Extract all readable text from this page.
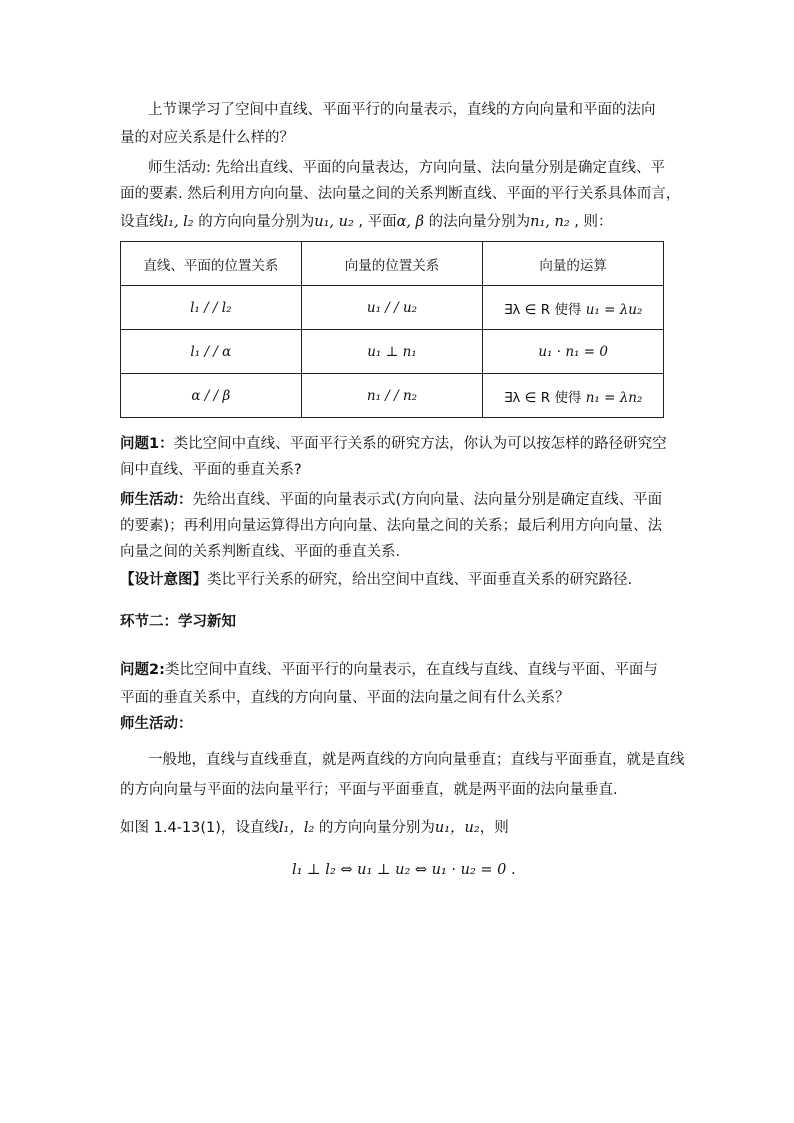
上节课学习了空间中直线、平面平行的向量表示，直线的方向向量和平面的法向
量的对应关系是什么样的？
师生活动: 先给出直线、平面的向量表达，方向向量、法向量分别是确定直线、平
面的要素. 然后利用方向向量、法向量之间的关系判断直线、平面的平行关系具体而言，
设直线l₁, l₂ 的方向向量分别为u₁, u₂ , 平面α, β 的法向量分别为n₁, n₂ , 则：
直线、平面的位置关系	向量的位置关系	向量的运算
l₁ / / l₂	u₁ / / u₂	∃λ ∈ R 使得 u₁ = λu₂
l₁ / / α	u₁ ⊥ n₁	u₁ · n₁ = 0
α / / β	n₁ / / n₂	∃λ ∈ R 使得 n₁ = λn₂
问题1：类比空间中直线、平面平行关系的研究方法，你认为可以按怎样的路径研究空
间中直线、平面的垂直关系?
师生活动：先给出直线、平面的向量表示式(方向向量、法向量分别是确定直线、平面
的要素)；再利用向量运算得出方向向量、法向量之间的关系；最后利用方向向量、法
向量之间的关系判断直线、平面的垂直关系.
【设计意图】类比平行关系的研究，给出空间中直线、平面垂直关系的研究路径.
环节二：学习新知
问题2:类比空间中直线、平面平行的向量表示，在直线与直线、直线与平面、平面与
平面的垂直关系中，直线的方向向量、平面的法向量之间有什么关系？
师生活动：
一般地，直线与直线垂直，就是两直线的方向向量垂直；直线与平面垂直，就是直线
的方向向量与平面的法向量平行；平面与平面垂直，就是两平面的法向量垂直.
如图 1.4-13(1)，设直线l₁，l₂ 的方向向量分别为u₁，u₂，则
l₁ ⊥ l₂ ⇔ u₁ ⊥ u₂ ⇔ u₁ · u₂ = 0 .
